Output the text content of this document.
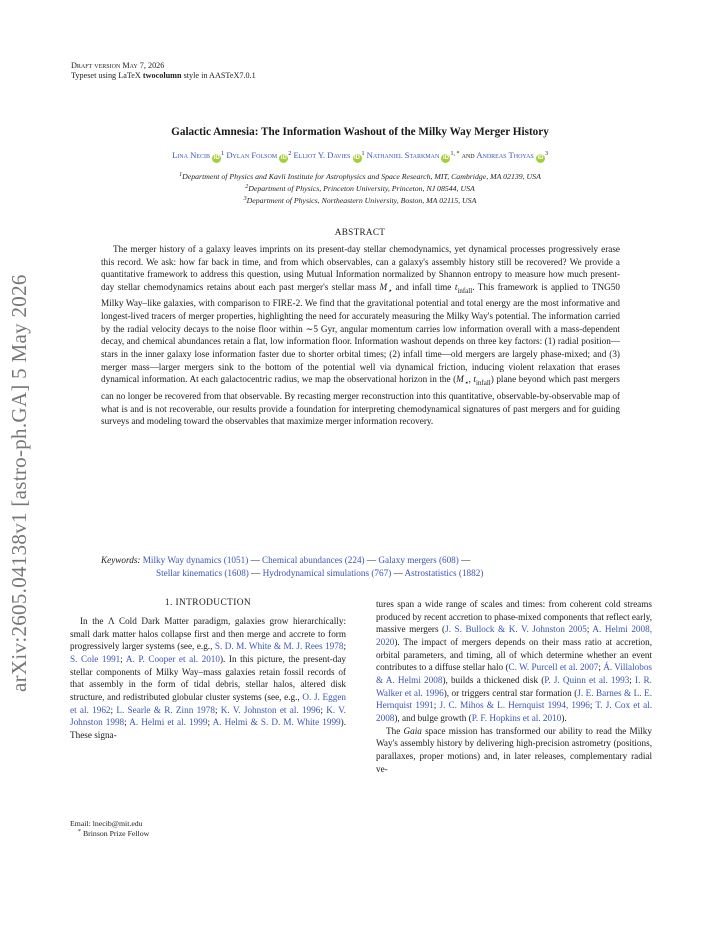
Draft version May 7, 2026
Typeset using LaTeX twocolumn style in AASTeX7.0.1
arXiv:2605.04138v1 [astro-ph.GA] 5 May 2026
Galactic Amnesia: The Information Washout of the Milky Way Merger History
Lina Necib $iD^1$ Dylan Folsom $iD^2$ Elliot Y. Davies $iD^1$ Nathaniel Starkman $iD^{1, *}$ and Andreas Thoyas $iD^3$
$^1$Department of Physics and Kavli Institute for Astrophysics and Space Research, MIT, Cambridge, MA 02139, USA
$^2$Department of Physics, Princeton University, Princeton, NJ 08544, USA
$^3$Department of Physics, Northeastern University, Boston, MA 02115, USA
ABSTRACT
The merger history of a galaxy leaves imprints on its present-day stellar chemodynamics, yet dynamical processes progressively erase this record. We ask: how far back in time, and from which observables, can a galaxy's assembly history still be recovered? We provide a quantitative framework to address this question, using Mutual Information normalized by Shannon entropy to measure how much present-day stellar chemodynamics retains about each past merger's stellar mass $M_⋆$ and infall time $t_{infall}$. This framework is applied to TNG50 Milky Way–like galaxies, with comparison to FIRE-2. We find that the gravitational potential and total energy are the most informative and longest-lived tracers of merger properties, highlighting the need for accurately measuring the Milky Way's potential. The information carried by the radial velocity decays to the noise floor within ∼5 Gyr, angular momentum carries low information overall with a mass-dependent decay, and chemical abundances retain a flat, low information floor. Information washout depends on three key factors: (1) radial position—stars in the inner galaxy lose information faster due to shorter orbital times; (2) infall time—old mergers are largely phase-mixed; and (3) merger mass—larger mergers sink to the bottom of the potential well via dynamical friction, inducing violent relaxation that erases dynamical information. At each galactocentric radius, we map the observational horizon in the ($M_⋆$, $t_{infall}$) plane beyond which past mergers can no longer be recovered from that observable. By recasting merger reconstruction into this quantitative, observable-by-observable map of what is and is not recoverable, our results provide a foundation for interpreting chemodynamical signatures of past mergers and for guiding surveys and modeling toward the observables that maximize merger information recovery.
Keywords: Milky Way dynamics (1051) — Chemical abundances (224) — Galaxy mergers (608) —
Stellar kinematics (1608) — Hydrodynamical simulations (767) — Astrostatistics (1882)
1. INTRODUCTION
In the Λ Cold Dark Matter paradigm, galaxies grow hierarchically: small dark matter halos collapse first and then merge and accrete to form progressively larger systems (see, e.g., S. D. M. White & M. J. Rees 1978; S. Cole 1991; A. P. Cooper et al. 2010). In this picture, the present-day stellar components of Milky Way–mass galaxies retain fossil records of that assembly in the form of tidal debris, stellar halos, altered disk structure, and redistributed globular cluster systems (see, e.g., O. J. Eggen et al. 1962; L. Searle & R. Zinn 1978; K. V. Johnston et al. 1996; K. V. Johnston 1998; A. Helmi et al. 1999; A. Helmi & S. D. M. White 1999). These signa-

tures span a wide range of scales and times: from coherent cold streams produced by recent accretion to phase-mixed components that reflect early, massive mergers (J. S. Bullock & K. V. Johnston 2005; A. Helmi 2008, 2020). The impact of mergers depends on their mass ratio at accretion, orbital parameters, and timing, all of which determine whether an event contributes to a diffuse stellar halo (C. W. Purcell et al. 2007; Á. Villalobos & A. Helmi 2008), builds a thickened disk (P. J. Quinn et al. 1993; I. R. Walker et al. 1996), or triggers central star formation (J. E. Barnes & L. E. Hernquist 1991; J. C. Mihos & L. Hernquist 1994, 1996; T. J. Cox et al. 2008), and bulge growth (P. F. Hopkins et al. 2010).

The Gaia space mission has transformed our ability to read the Milky Way's assembly history by delivering high-precision astrometry (positions, parallaxes, proper motions) and, in later releases, complementary radial ve-

Email: lnecib@mit.edu
* Brinson Prize Fellow
